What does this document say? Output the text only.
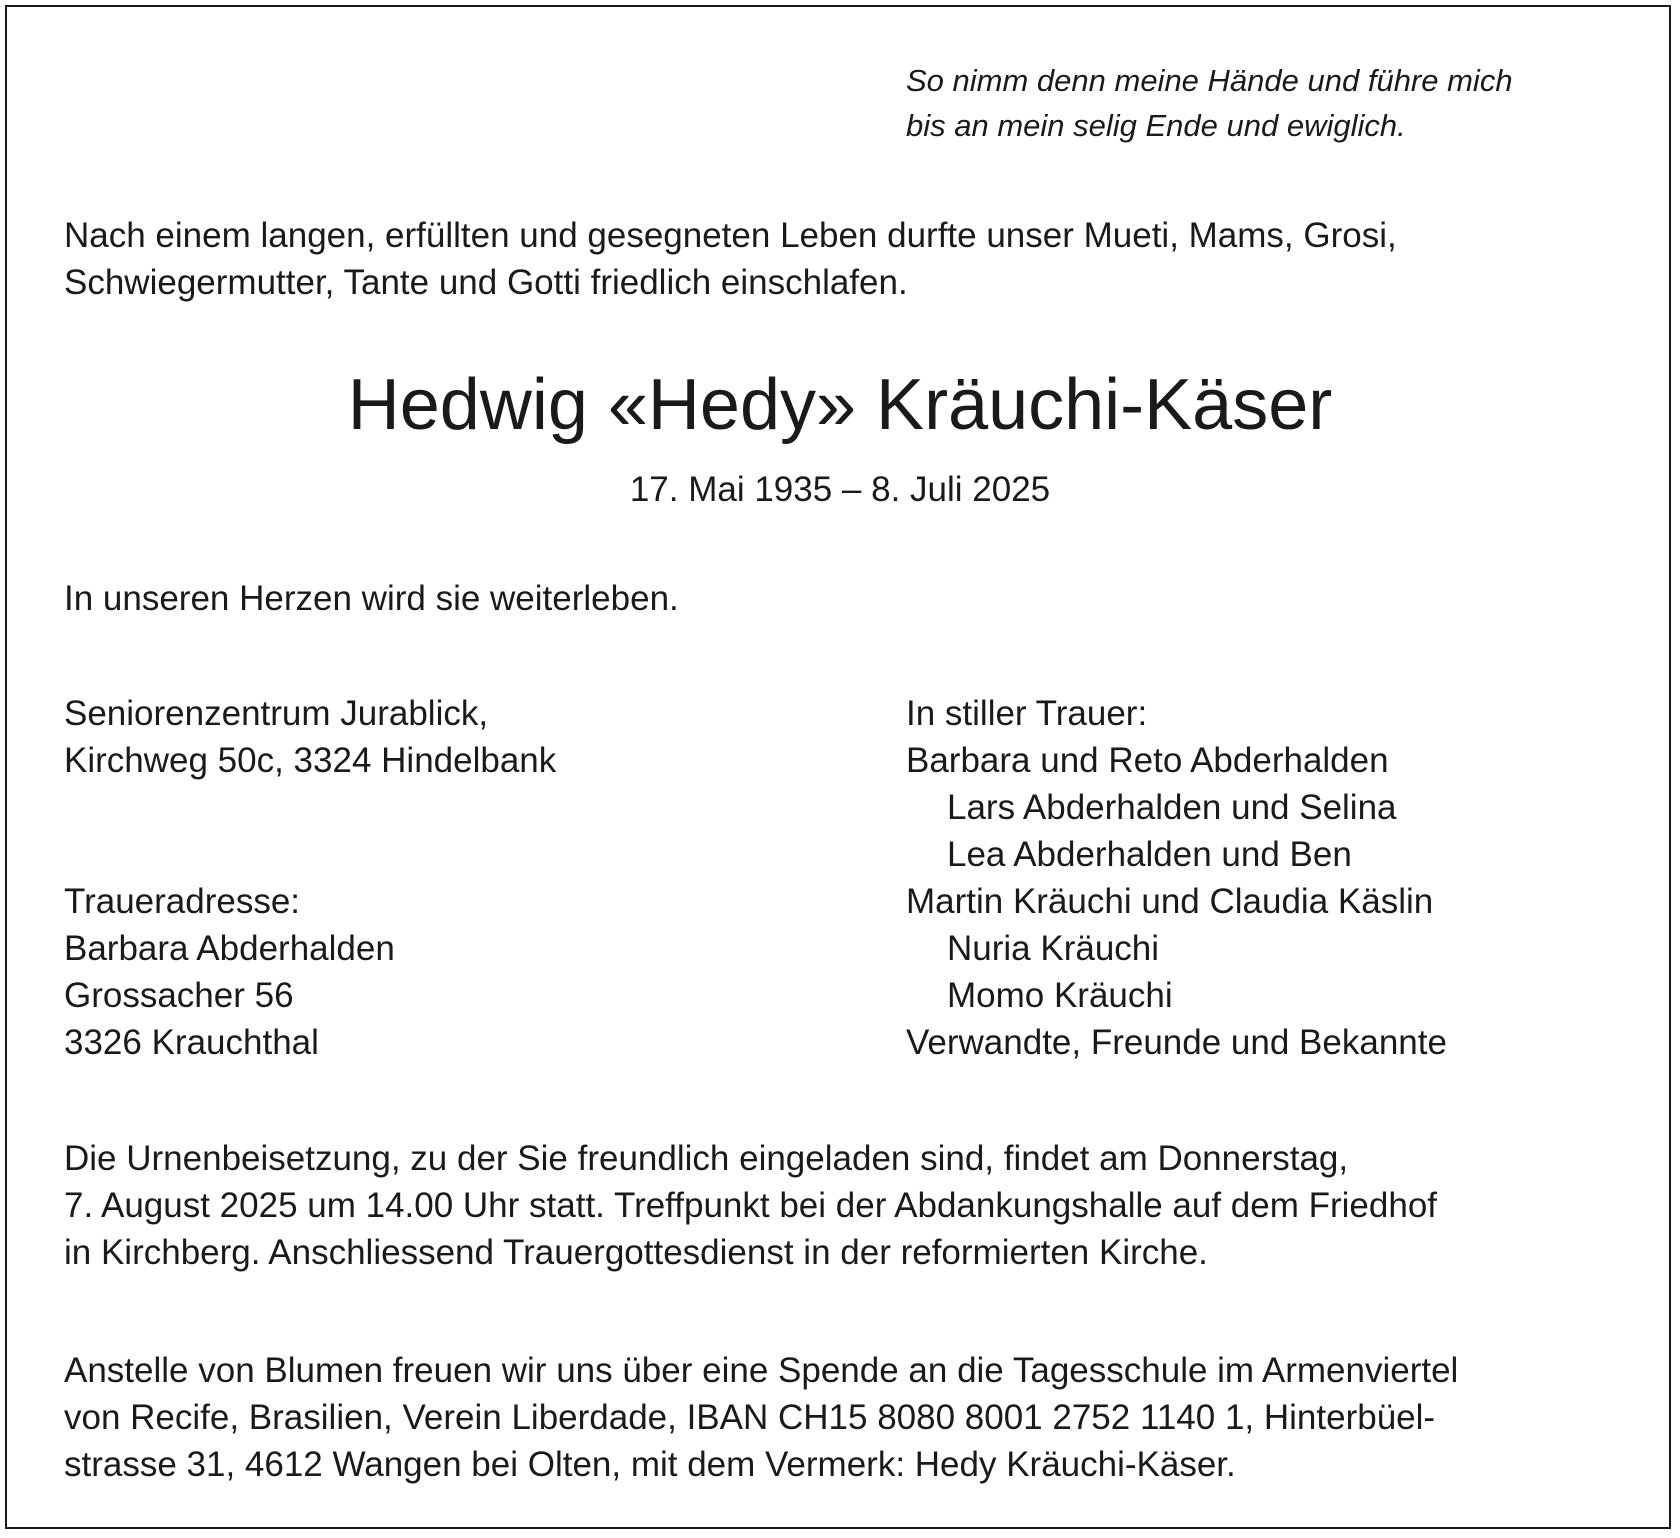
So nimm denn meine Hände und führe mich
bis an mein selig Ende und ewiglich.
Nach einem langen, erfüllten und gesegneten Leben durfte unser Mueti, Mams, Grosi,
Schwiegermutter, Tante und Gotti friedlich einschlafen.
Hedwig «Hedy» Kräuchi-Käser
17. Mai 1935 – 8. Juli 2025
In unseren Herzen wird sie weiterleben.
Seniorenzentrum Jurablick,
Kirchweg 50c, 3324 Hindelbank
Traueradresse:
Barbara Abderhalden
Grossacher 56
3326 Krauchthal
In stiller Trauer:
Barbara und Reto Abderhalden
Lars Abderhalden und Selina
Lea Abderhalden und Ben
Martin Kräuchi und Claudia Käslin
Nuria Kräuchi
Momo Kräuchi
Verwandte, Freunde und Bekannte
Die Urnenbeisetzung, zu der Sie freundlich eingeladen sind, findet am Donnerstag,
7. August 2025 um 14.00 Uhr statt. Treffpunkt bei der Abdankungshalle auf dem Friedhof
in Kirchberg. Anschliessend Trauergottesdienst in der reformierten Kirche.
Anstelle von Blumen freuen wir uns über eine Spende an die Tagesschule im Armenviertel
von Recife, Brasilien, Verein Liberdade, IBAN CH15 8080 8001 2752 1140 1, Hinterbüel-
strasse 31, 4612 Wangen bei Olten, mit dem Vermerk: Hedy Kräuchi-Käser.
